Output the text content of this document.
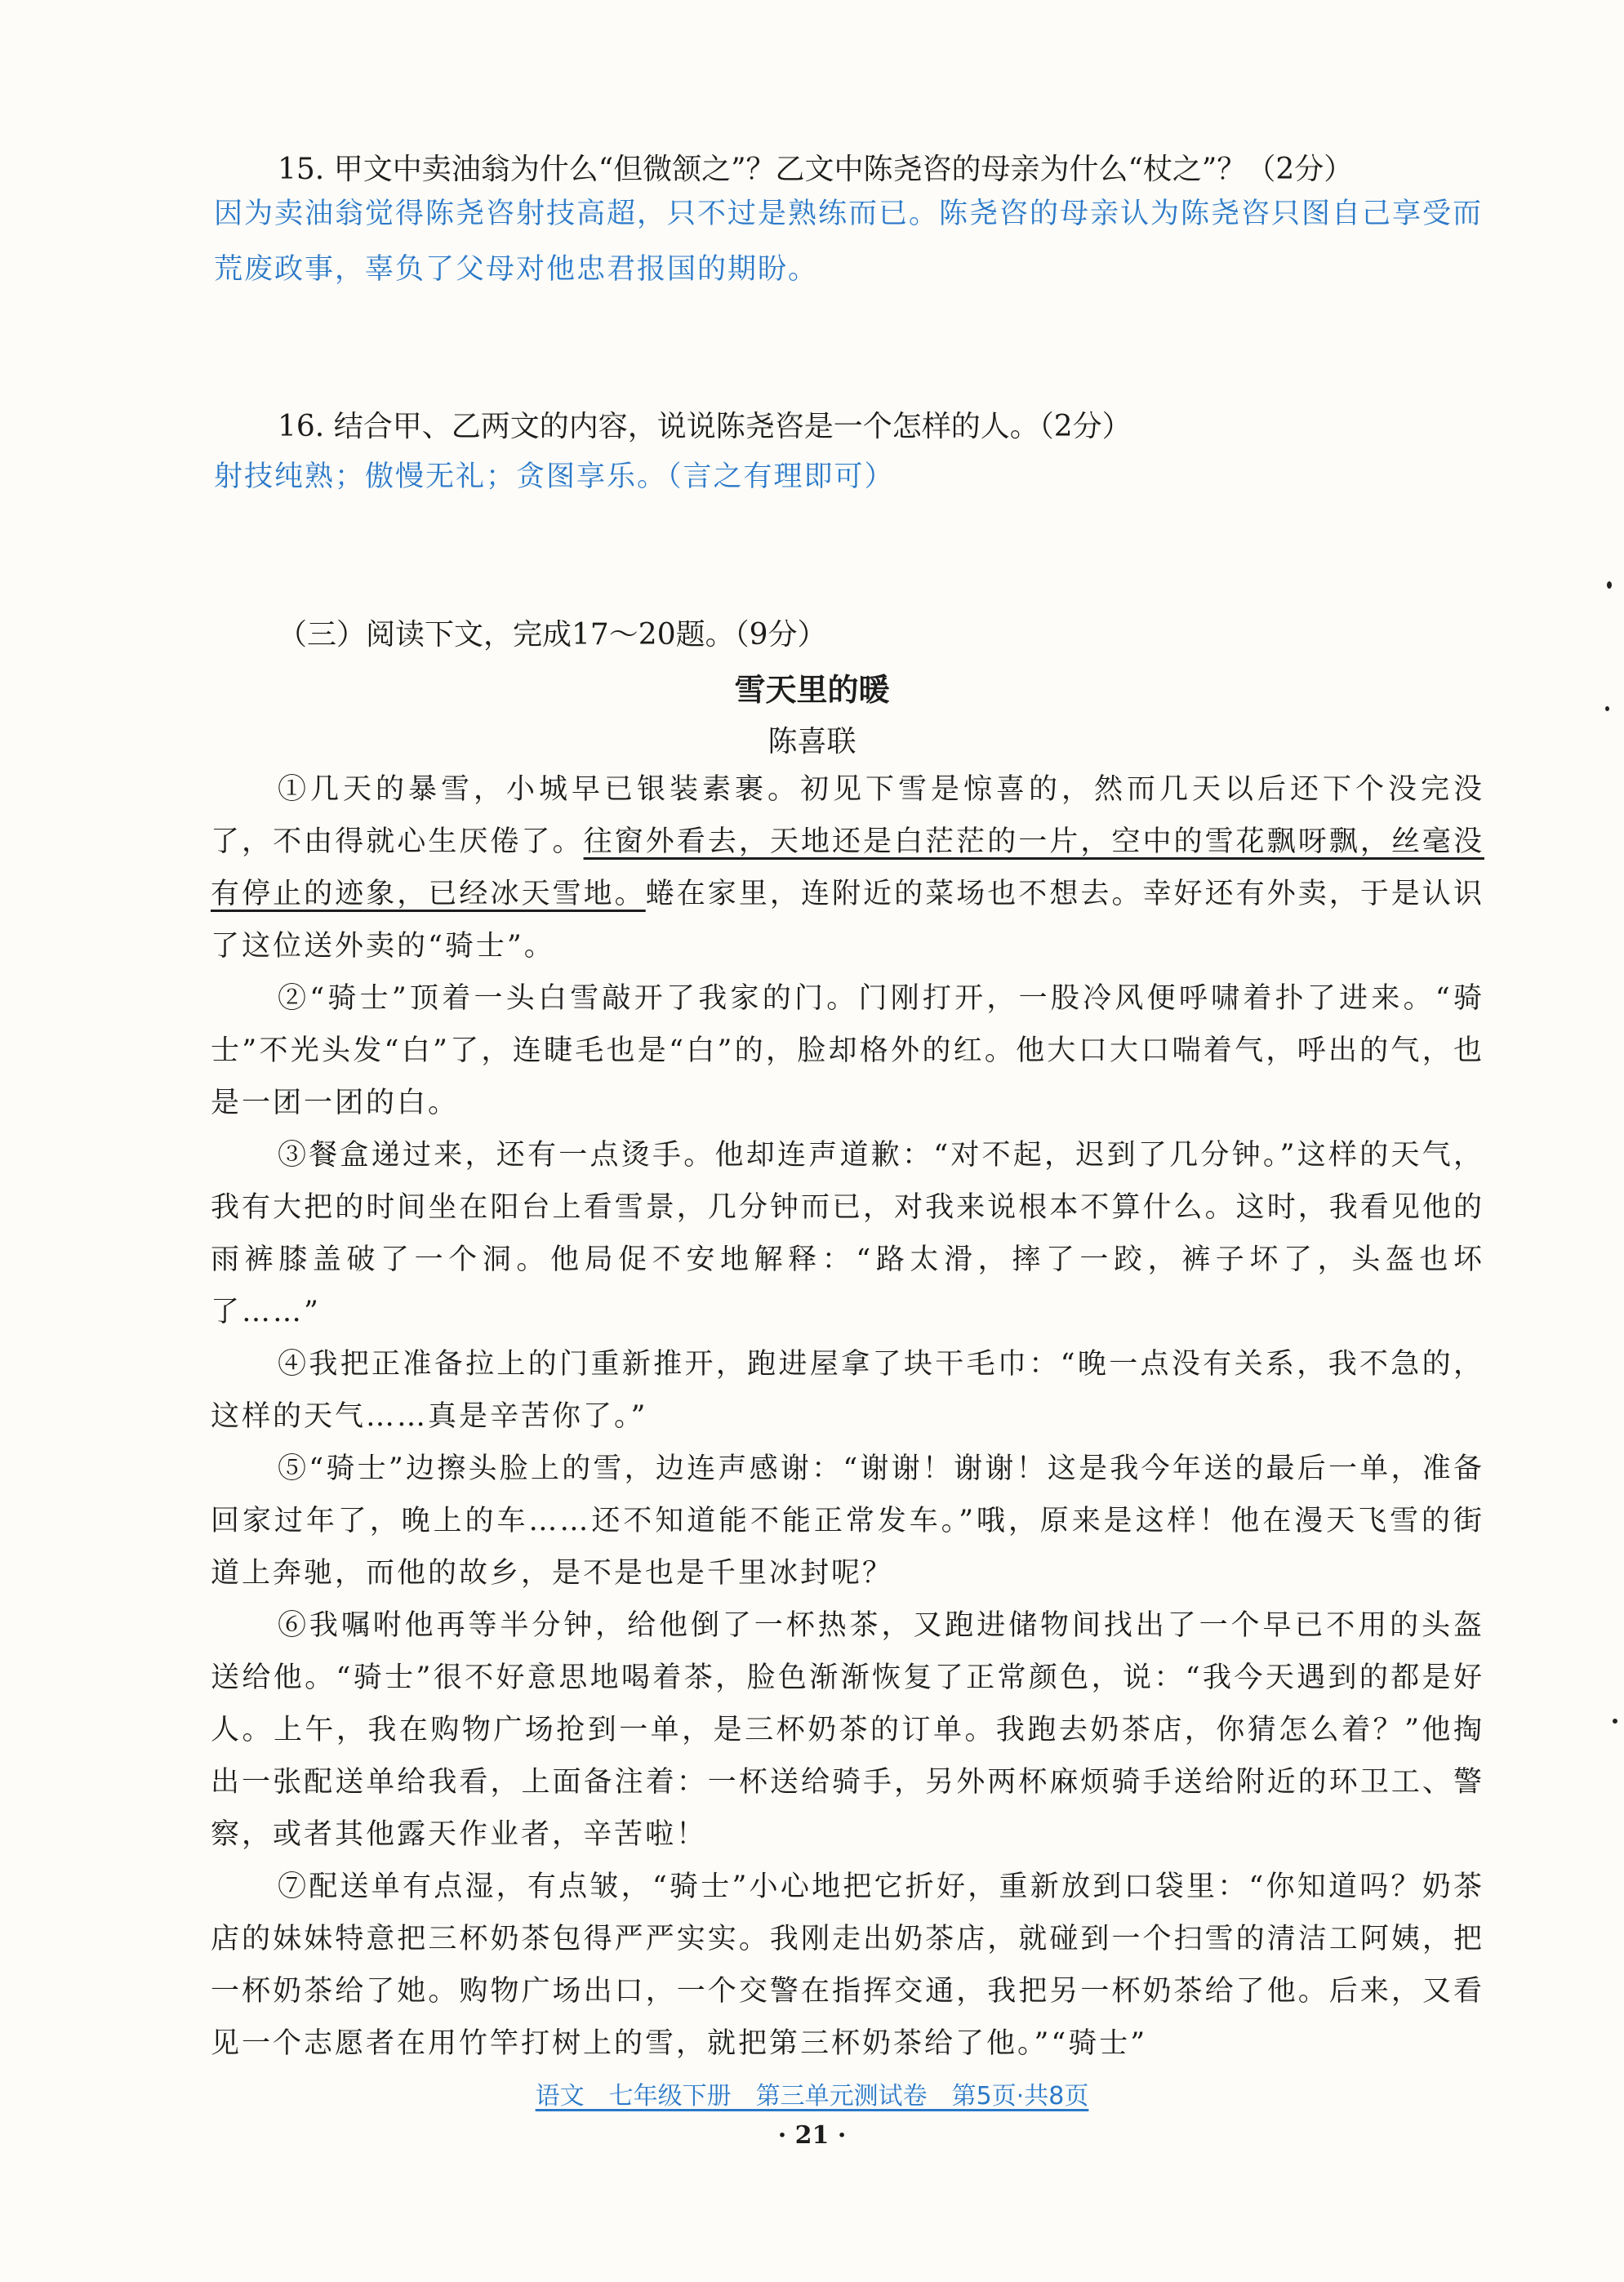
15. 甲文中卖油翁为什么“但微颔之”？乙文中陈尧咨的母亲为什么“杖之”？（2分）
因为卖油翁觉得陈尧咨射技高超，只不过是熟练而已。陈尧咨的母亲认为陈尧咨只图自己享受而荒废政事，辜负了父母对他忠君报国的期盼。
16. 结合甲、乙两文的内容，说说陈尧咨是一个怎样的人。（2分）
射技纯熟；傲慢无礼；贪图享乐。（言之有理即可）
（三）阅读下文，完成17～20题。（9分）
雪天里的暖
陈喜联

①几天的暴雪，小城早已银装素裹。初见下雪是惊喜的，然而几天以后还下个没完没了，不由得就心生厌倦了。往窗外看去，天地还是白茫茫的一片，空中的雪花飘呀飘，丝毫没有停止的迹象，已经冰天雪地。蜷在家里，连附近的菜场也不想去。幸好还有外卖，于是认识了这位送外卖的“骑士”。

②“骑士”顶着一头白雪敲开了我家的门。门刚打开，一股冷风便呼啸着扑了进来。“骑士”不光头发“白”了，连睫毛也是“白”的，脸却格外的红。他大口大口喘着气，呼出的气，也是一团一团的白。

③餐盒递过来，还有一点烫手。他却连声道歉：“对不起，迟到了几分钟。”这样的天气，我有大把的时间坐在阳台上看雪景，几分钟而已，对我来说根本不算什么。这时，我看见他的雨裤膝盖破了一个洞。他局促不安地解释：“路太滑，摔了一跤，裤子坏了，头盔也坏了……”

④我把正准备拉上的门重新推开，跑进屋拿了块干毛巾：“晚一点没有关系，我不急的，这样的天气……真是辛苦你了。”

⑤“骑士”边擦头脸上的雪，边连声感谢：“谢谢！谢谢！这是我今年送的最后一单，准备回家过年了，晚上的车……还不知道能不能正常发车。”哦，原来是这样！他在漫天飞雪的街道上奔驰，而他的故乡，是不是也是千里冰封呢？

⑥我嘱咐他再等半分钟，给他倒了一杯热茶，又跑进储物间找出了一个早已不用的头盔送给他。“骑士”很不好意思地喝着茶，脸色渐渐恢复了正常颜色，说：“我今天遇到的都是好人。上午，我在购物广场抢到一单，是三杯奶茶的订单。我跑去奶茶店，你猜怎么着？”他掏出一张配送单给我看，上面备注着：一杯送给骑手，另外两杯麻烦骑手送给附近的环卫工、警察，或者其他露天作业者，辛苦啦！

⑦配送单有点湿，有点皱，“骑士”小心地把它折好，重新放到口袋里：“你知道吗？奶茶店的妹妹特意把三杯奶茶包得严严实实。我刚走出奶茶店，就碰到一个扫雪的清洁工阿姨，把一杯奶茶给了她。购物广场出口，一个交警在指挥交通，我把另一杯奶茶给了他。后来，又看见一个志愿者在用竹竿打树上的雪，就把第三杯奶茶给了他。”“骑士”

语文　七年级下册　第三单元测试卷　第5页·共8页
· 21 ·
